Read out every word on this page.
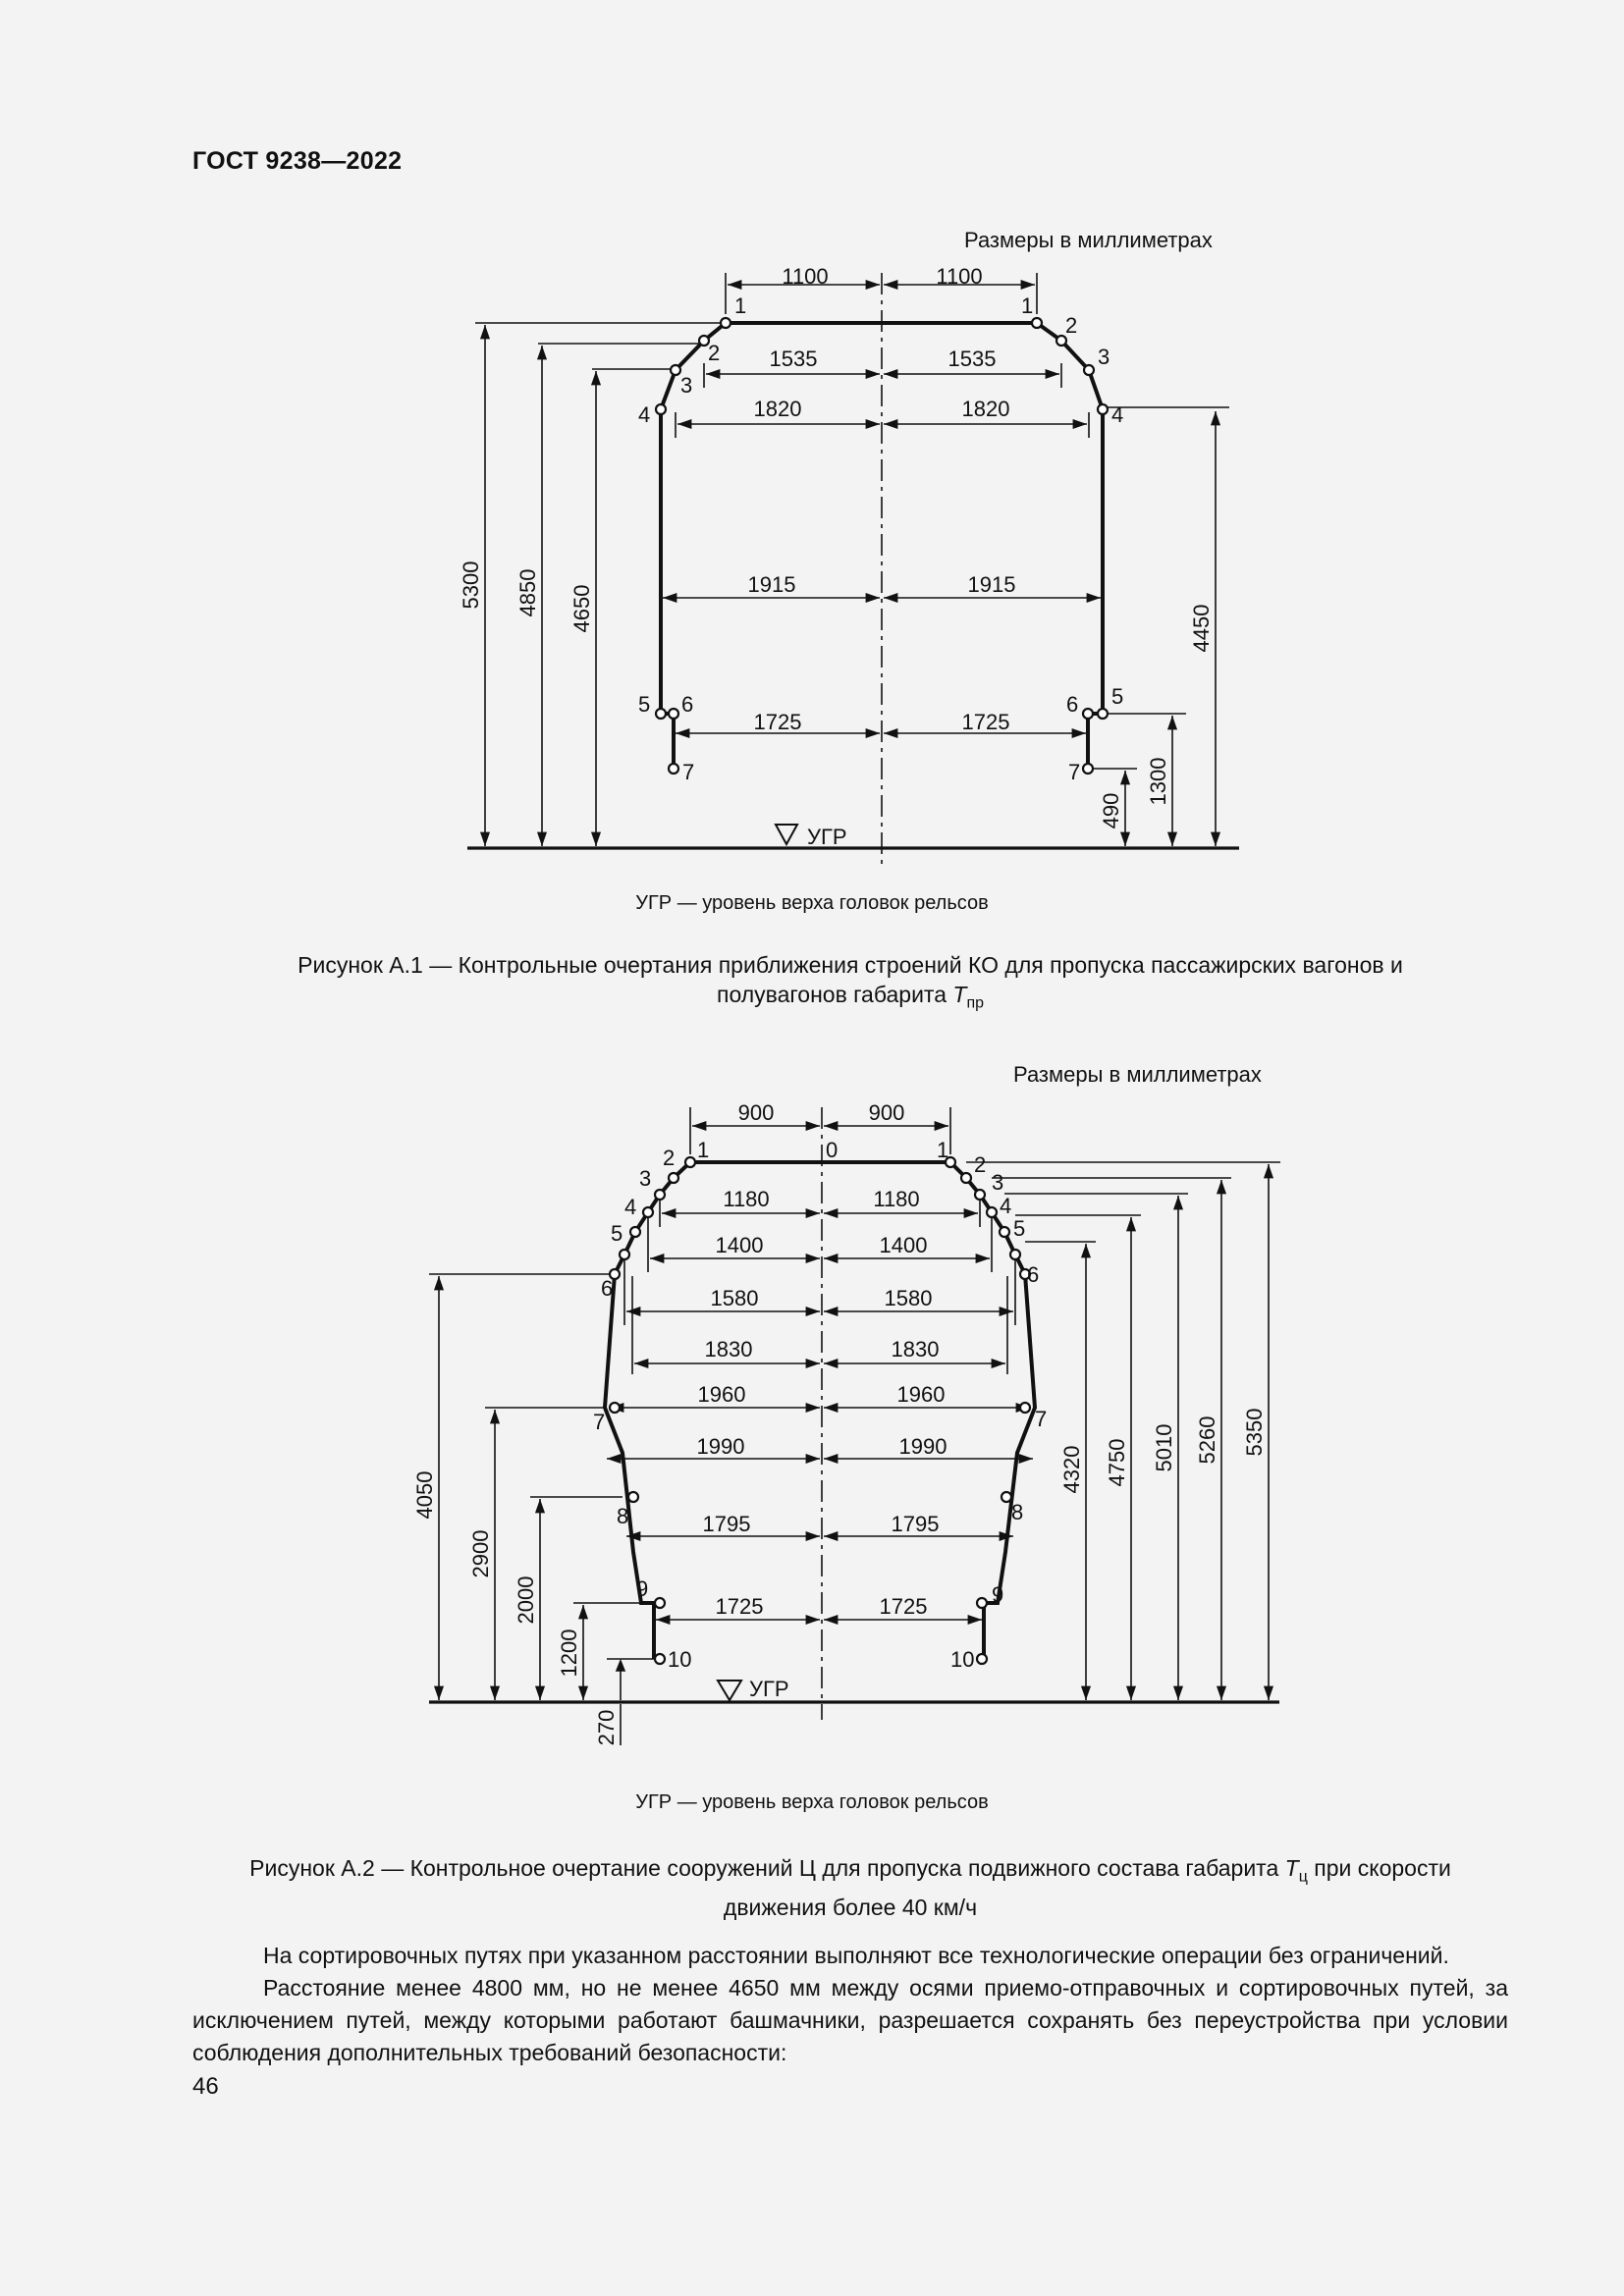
ГОСТ 9238—2022
Размеры в миллиметрах
1100	1100
1535	1535
1820	1820
1915	1915
1725	1725
5300 4850 4650	4450
1300
490
1	1
2
2
3
3
4	4
5	5
6	6
7	7
УГР
УГР — уровень верха головок рельсов
Рисунок А.1 — Контрольные очертания приближения строений КО для пропуска пассажирских вагонов и
полувагонов габарита $T_{пр}$
Размеры в миллиметрах
900	900
1180	1180
1400	1400
1580	1580
1830	1830
1960	1960
1990	1990
1795	1795
1725	1725
4050
2900
2000
1200
270
4320 4750 5010 5260 5350
0
1	1
2	2
3	3
4	4
5	5
6
6
7	7
8	8
9	9
10	10
УГР
УГР — уровень верха головок рельсов
Рисунок А.2 — Контрольное очертание сооружений Ц для пропуска подвижного состава габарита $T_ц$ при скорости
движения более 40 км/ч

На сортировочных путях при указанном расстоянии выполняют все технологические операции без ограничений.

Расстояние менее 4800 мм, но не менее 4650 мм между осями приемо-отправочных и сортировочных путей, за исключением путей, между которыми работают башмачники, разрешается сохранять без переустройства при условии соблюдения дополнительных требований безопасности:

46
